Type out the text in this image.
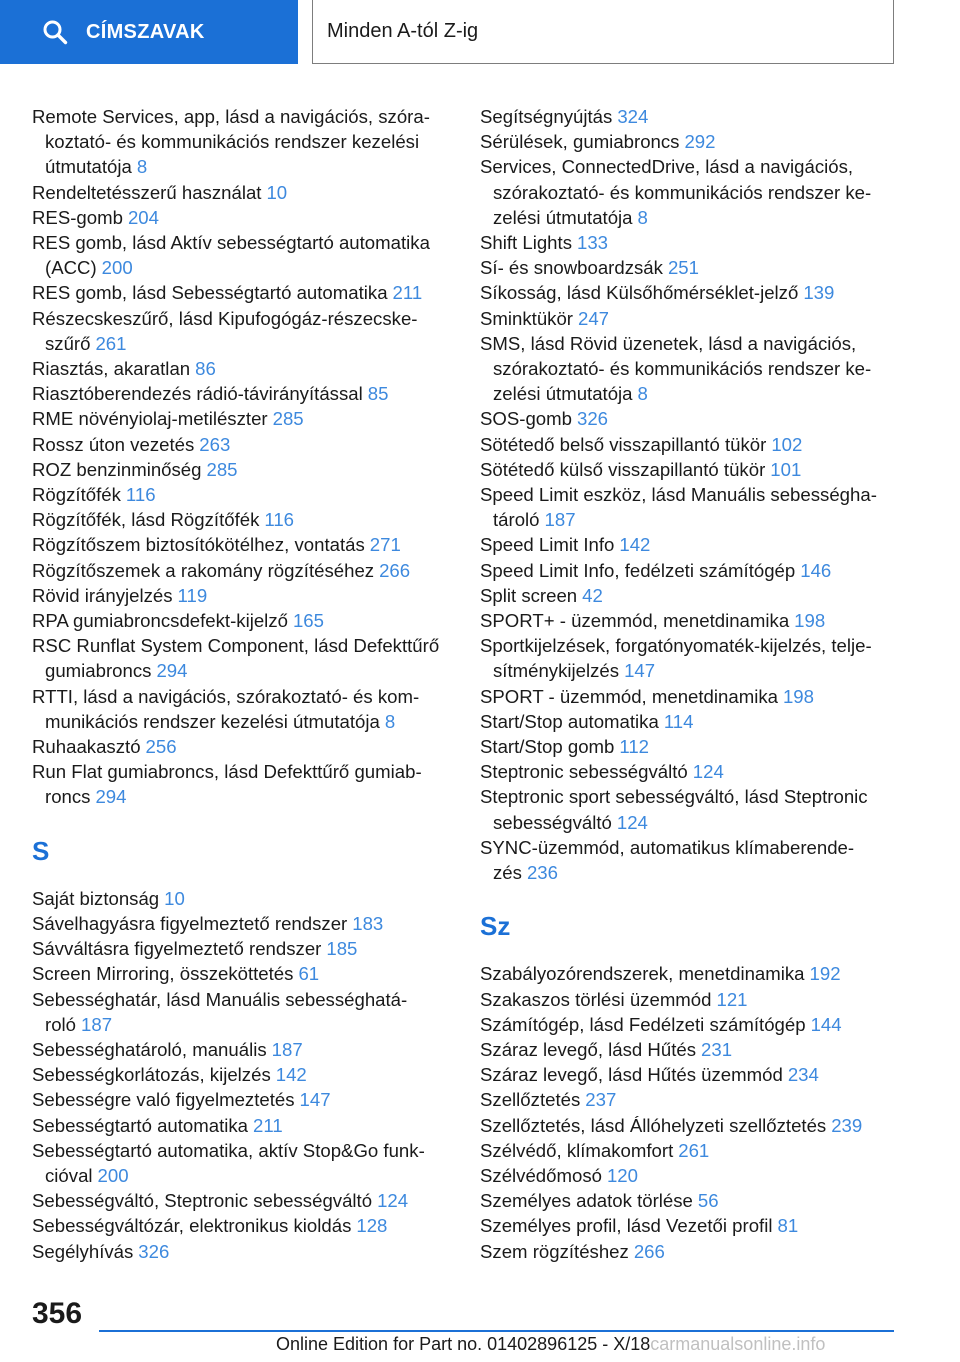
CÍMSZAVAK	Minden A-tól Z-ig
Remote Services, app, lásd a navigációs, szórakoztató- és kommunikációs rendszer kezelési útmutatója 8
Rendeltetésszerű használat 10
RES-gomb 204
RES gomb, lásd Aktív sebességtartó automatika (ACC) 200
RES gomb, lásd Sebességtartó automatika 211
Részecskeszűrő, lásd Kipufogógáz-részecskeszűrő 261
Riasztás, akaratlan 86
Riasztóberendezés rádió-távirányítással 85
RME növényiolaj-metilészter 285
Rossz úton vezetés 263
ROZ benzinminőség 285
Rögzítőfék 116
Rögzítőfék, lásd Rögzítőfék 116
Rögzítőszem biztosítókötélhez, vontatás 271
Rögzítőszemek a rakomány rögzítéséhez 266
Rövid irányjelzés 119
RPA gumiabroncsdefekt-kijelző 165
RSC Runflat System Component, lásd Defekttűrő gumiabroncs 294
RTTI, lásd a navigációs, szórakoztató- és kommunikációs rendszer kezelési útmutatója 8
Ruhaakasztó 256
Run Flat gumiabroncs, lásd Defekttűrő gumiabroncs 294
S
Saját biztonság 10
Sávelhagyásra figyelmeztető rendszer 183
Sávváltásra figyelmeztető rendszer 185
Screen Mirroring, összeköttetés 61
Sebességhatár, lásd Manuális sebességhatároló 187
Sebességhatároló, manuális 187
Sebességkorlátozás, kijelzés 142
Sebességre való figyelmeztetés 147
Sebességtartó automatika 211
Sebességtartó automatika, aktív Stop&Go funkcióval 200
Sebességváltó, Steptronic sebességváltó 124
Sebességváltózár, elektronikus kioldás 128
Segélyhívás 326
Segítségnyújtás 324
Sérülések, gumiabroncs 292
Services, ConnectedDrive, lásd a navigációs, szórakoztató- és kommunikációs rendszer kezelési útmutatója 8
Shift Lights 133
Sí- és snowboardzsák 251
Síkosság, lásd Külsőhőmérséklet-jelző 139
Sminktükör 247
SMS, lásd Rövid üzenetek, lásd a navigációs, szórakoztató- és kommunikációs rendszer kezelési útmutatója 8
SOS-gomb 326
Sötétedő belső visszapillantó tükör 102
Sötétedő külső visszapillantó tükör 101
Speed Limit eszköz, lásd Manuális sebességhatároló 187
Speed Limit Info 142
Speed Limit Info, fedélzeti számítógép 146
Split screen 42
SPORT+ - üzemmód, menetdinamika 198
Sportkijelzések, forgatónyomaték-kijelzés, teljesítménykijelzés 147
SPORT - üzemmód, menetdinamika 198
Start/Stop automatika 114
Start/Stop gomb 112
Steptronic sebességváltó 124
Steptronic sport sebességváltó, lásd Steptronic sebességváltó 124
SYNC-üzemmód, automatikus klímaberendezés 236
Sz
Szabályozórendszerek, menetdinamika 192
Szakaszos törlési üzemmód 121
Számítógép, lásd Fedélzeti számítógép 144
Száraz levegő, lásd Hűtés 231
Száraz levegő, lásd Hűtés üzemmód 234
Szellőztetés 237
Szellőztetés, lásd Állóhelyzeti szellőztetés 239
Szélvédő, klímakomfort 261
Szélvédőmosó 120
Személyes adatok törlése 56
Személyes profil, lásd Vezetői profil 81
Szem rögzítéshez 266
356
Online Edition for Part no. 01402896125 - X/18carmanualsonline.info
